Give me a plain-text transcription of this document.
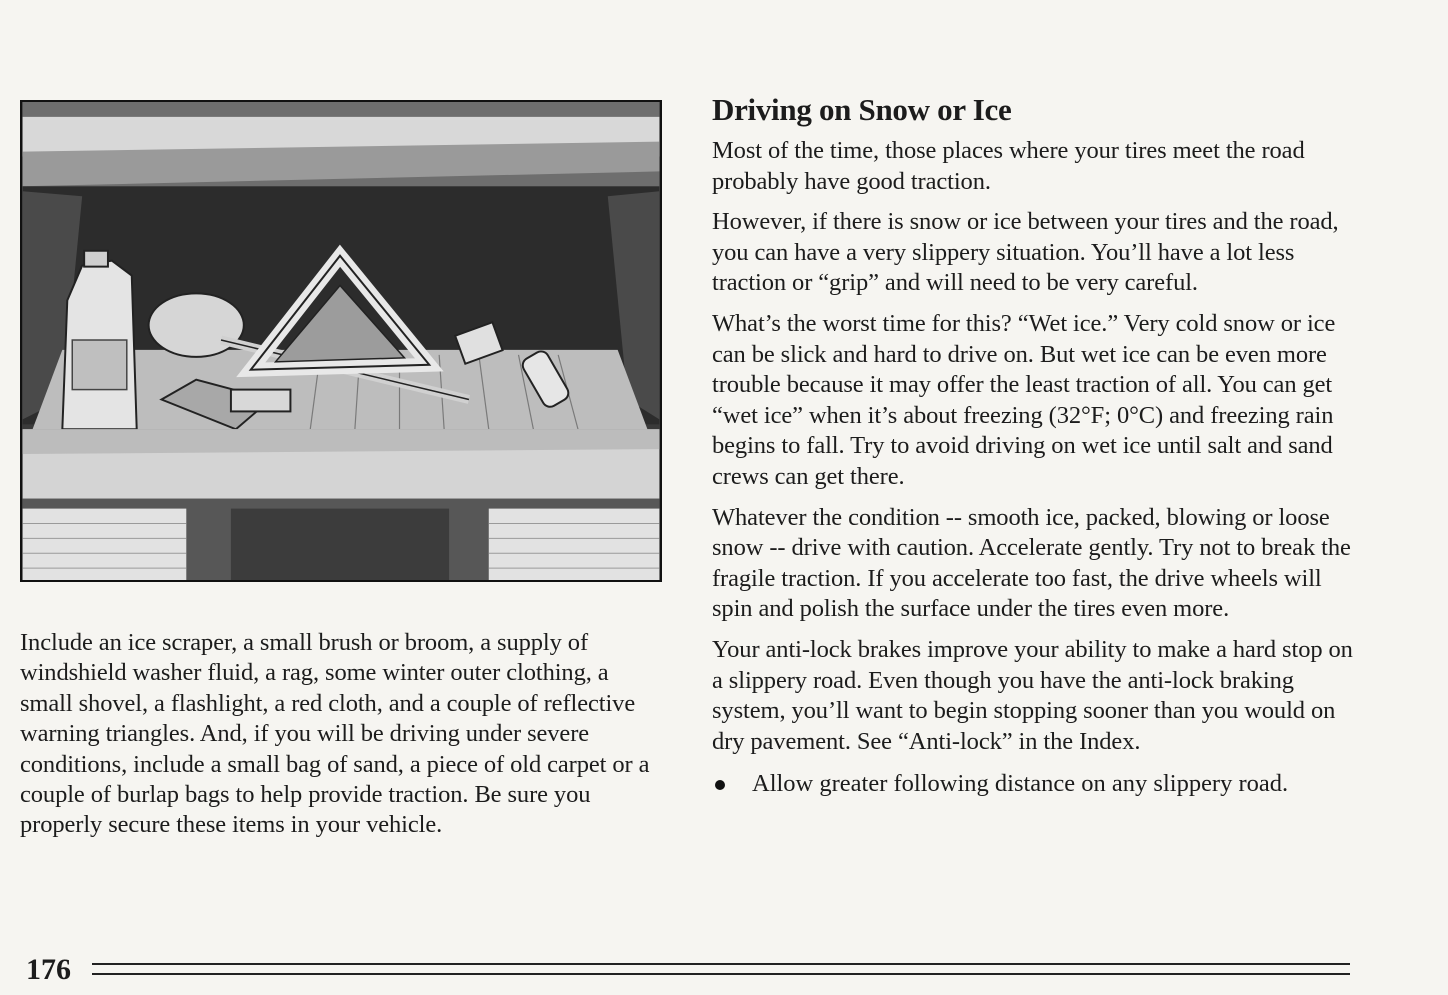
Include an ice scraper, a small brush or broom, a supply of windshield washer fluid, a rag, some winter outer clothing, a small shovel, a flashlight, a red cloth, and a couple of reflective warning triangles. And, if you will be driving under severe conditions, include a small bag of sand, a piece of old carpet or a couple of burlap bags to help provide traction. Be sure you properly secure these items in your vehicle.
Driving on Snow or Ice

Most of the time, those places where your tires meet the road probably have good traction.

However, if there is snow or ice between your tires and the road, you can have a very slippery situation. You’ll have a lot less traction or “grip” and will need to be very careful.

What’s the worst time for this? “Wet ice.” Very cold snow or ice can be slick and hard to drive on. But wet ice can be even more trouble because it may offer the least traction of all. You can get “wet ice” when it’s about freezing (32°F; 0°C) and freezing rain begins to fall. Try to avoid driving on wet ice until salt and sand crews can get there.

Whatever the condition -- smooth ice, packed, blowing or loose snow -- drive with caution. Accelerate gently. Try not to break the fragile traction. If you accelerate too fast, the drive wheels will spin and polish the surface under the tires even more.

Your anti-lock brakes improve your ability to make a hard stop on a slippery road. Even though you have the anti-lock braking system, you’ll want to begin stopping sooner than you would on dry pavement. See “Anti-lock” in the Index.

Allow greater following distance on any slippery road.
176
